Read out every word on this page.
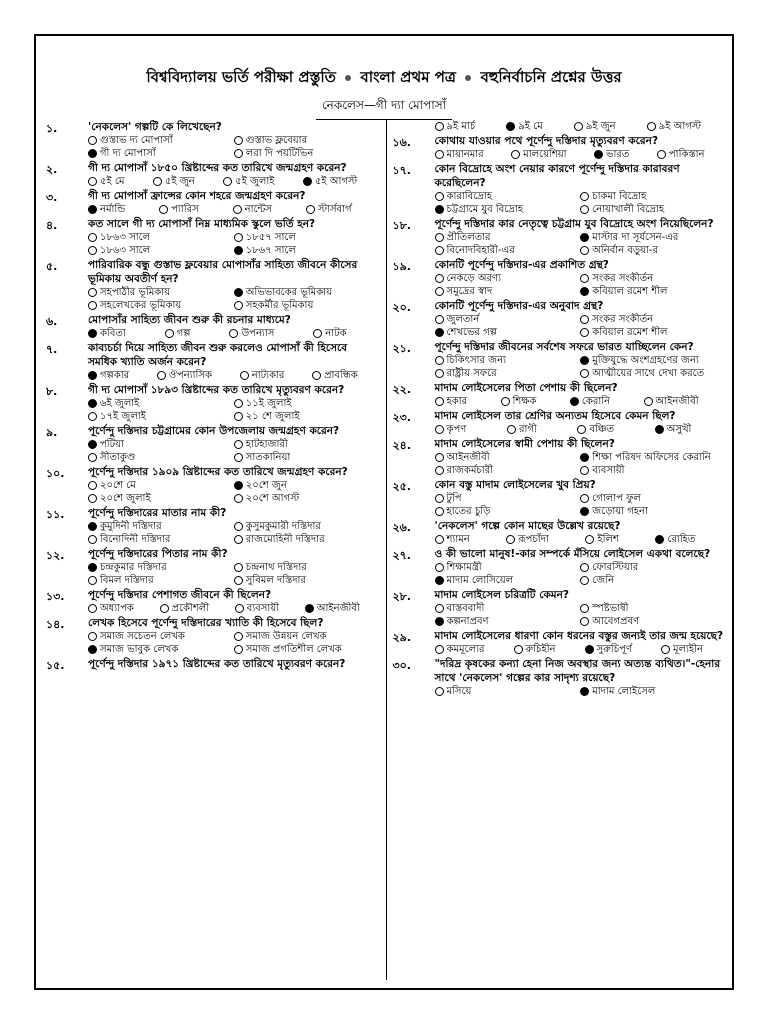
বিশ্ববিদ্যালয় ভর্তি পরীক্ষা প্রস্তুতি বাংলা প্রথম পত্র বহুনির্বাচনি প্রশ্নের উত্তর
নেকলেস—গী দ্যা মোপাসাঁ
১.	'নেকলেস' গল্পটি কে লিখেছেন?
গুস্তাভ দ্য মোপাসাঁ	গুস্তাভ ফ্লবেয়ার
গী দ্য মোপাসাঁ	লরা দি পয়টিভিন
২.	গী দ্য মোপাসাঁ ১৮৫০ খ্রিষ্টাব্দের কত তারিখে জন্মগ্রহণ করেন?
৫ই মে	৫ই জুন	৫ই জুলাই	৫ই আগস্ট
৩.	গী দ্য মোপাসাঁ ফ্রান্সের কোন শহরে জন্মগ্রহণ করেন?
নর্মান্ডি	প্যারিস	নান্টেস	স্টার্সবার্গ
৪.	কত সালে গী দ্য মোপাসাঁ নিম্ন মাধ্যমিক স্কুলে ভর্তি হন?
১৮৬৩ সালে	১৮৫৭ সালে
১৮৬৩ সালে	১৮৬৭ সালে
৫.	পারিবারিক বন্ধু গুস্তাভ ফ্লবেয়ার মোপাসাঁর সাহিত্য জীবনে কীসের ভূমিকায় অবতীর্ণ হন?
সহপাঠীর ভূমিকায়	অভিভাবকের ভূমিকায়
সহলেখকের ভূমিকায়	সহকর্মীর ভূমিকায়
৬.	মোপাসাঁর সাহিত্য জীবন শুরু কী রচনার মাধ্যমে?
কবিতা	গল্প	উপন্যাস	নাটক
৭.	কাব্যচর্চা দিয়ে সাহিত্য জীবন শুরু করলেও মোপাসাঁ কী হিসেবে সমধিক খ্যাতি অর্জন করেন?
গল্পকার	ঔপন্যাসিক	নাট্যকার	প্রাবন্ধিক
৮.	গী দ্য মোপাসাঁ ১৮৯৩ খ্রিষ্টাব্দের কত তারিখে মৃত্যুবরণ করেন?
৬ই জুলাই	১১ই জুলাই
১৭ই জুলাই	২১ শে জুলাই
৯.	পূর্ণেন্দু দস্তিদার চট্টগ্রামের কোন উপজেলায় জন্মগ্রহণ করেন?
পটিয়া	হাটহাজারী
সীতাকুণ্ড	সাতকানিয়া
১০.	পূর্ণেন্দু দস্তিদার ১৯০৯ খ্রিষ্টাব্দের কত তারিখে জন্মগ্রহণ করেন?
২০শে মে	২০শে জুন
২০শে জুলাই	২০শে আগস্ট
১১.	পূর্ণেন্দু দস্তিদারের মাতার নাম কী?
কুমুদিনী দস্তিদার	কুসুমকুমারী দস্তিদার
বিনোদিনী দস্তিদার	রাজমোহিনী দস্তিদার
১২.	পূর্ণেন্দু দস্তিদারের পিতার নাম কী?
চন্দ্রকুমার দস্তিদার	চন্দ্রনাথ দস্তিদার
বিমল দস্তিদার	সুবিমল দস্তিদার
১৩.	পূর্ণেন্দু দস্তিদার পেশাগত জীবনে কী ছিলেন?
অধ্যাপক	প্রকৌশলী	ব্যবসায়ী	আইনজীবী
১৪.	লেখক হিসেবে পূর্ণেন্দু দস্তিদারের খ্যাতি কী হিসেবে ছিল?
সমাজ সচেতন লেখক	সমাজ উন্নয়ন লেখক
সমাজ ভাবুক লেখক	সমাজ প্রগতিশীল লেখক
১৫.	পূর্ণেন্দু দস্তিদার ১৯৭১ খ্রিষ্টাব্দের কত তারিখে মৃত্যুবরণ করেন?
৯ই মার্চ	৯ই মে	৯ই জুন	৯ই আগস্ট
১৬.	কোথায় যাওয়ার পথে পূর্ণেন্দু দস্তিদার মৃত্যুবরণ করেন?
মায়ানমার	মালয়েশিয়া	ভারত	পাকিস্তান
১৭.	কোন বিদ্রোহে অংশ নেয়ার কারণে পূর্ণেন্দু দস্তিদার কারাবরণ করেছিলেন?
কারাবিদ্রোহ	চাকমা বিদ্রোহ
চট্টগ্রামে যুব বিদ্রোহ	নোয়াখালী বিদ্রোহ
১৮.	পূর্ণেন্দু দস্তিদার কার নেতৃত্বে চট্টগ্রাম যুব বিদ্রোহে অংশ নিয়েছিলেন?
প্রীতিলতার	মাস্টার দা সূর্যসেন-এর
বিনোদবিহারী-এর	অনির্বান বড়ুয়া-র
১৯.	কোনটি পূর্ণেন্দু দস্তিদার-এর প্রকাশিত গ্রন্থ?
নেকড়ে অরণ্য	সংকর সংকীর্তন
সমুদ্রের স্বাদ	কবিয়াল রমেশ শীল
২০.	কোনটি পূর্ণেন্দু দস্তিদার-এর অনুবাদ গ্রন্থ?
জুলতার্ন	সংকর সংকীর্তন
শেখভের গল্প	কবিয়াল রমেশ শীল
২১.	পূর্ণেন্দু দস্তিদার জীবনের সর্বশেষ সফরে ভারত যাচ্ছিলেন কেন?
চিকিৎসার জন্য	মুক্তিযুদ্ধে অংশগ্রহণের জন্য
রাষ্ট্রীয় সফরে	আত্মীয়ের সাথে দেখা করতে
২২.	মাদাম লোইসেলের পিতা পেশায় কী ছিলেন?
হকার	শিক্ষক	কেরানি	আইনজীবী
২৩.	মাদাম লোইসেল তার শ্রেণির অন্যতম হিসেবে কেমন ছিল?
কৃপণ	রাগী	বঞ্চিত	অসুখী
২৪.	মাদাম লোইসেলের স্বামী পেশায় কী ছিলেন?
আইনজীবী	শিক্ষা পরিষদ অফিসের কেরানি
রাজকর্মচারী	ব্যবসায়ী
২৫.	কোন বস্তু মাদাম লোইসেলের খুব প্রিয়?
টুপি	গোলাপ ফুল
হাতের চুড়ি	জড়োয়া গহনা
২৬.	'নেকলেস' গল্পে কোন মাছের উল্লেখ রয়েছে?
শ্যামন	রূপচাঁদা	ইলিশ	রোহিত
২৭.	ও কী ভালো মানুষ!-কার সম্পর্কে মঁসিয়ে লোইসেল একথা বলেছে?
শিক্ষামন্ত্রী	ফোরস্টিয়ার
মাদাম লোসিয়েল	জেনি
২৮.	মাদাম লোইসেল চরিত্রটি কেমন?
বাস্তববাদী	স্পষ্টভাষী
কল্পনাপ্রবণ	আবেগপ্রবণ
২৯.	মাদাম লোইসেলের ধারণা কোন ধরনের বস্তুর জন্যই তার জন্ম হয়েছে?
কমমূল্যের	রুচিহীন	সুরুচিপূর্ণ	মূল্যহীন
৩০.	"দরিদ্র কৃষকের কন্যা হেনা নিজ অবস্থার জন্য অত্যন্ত ব্যথিত।"-হেনার সাথে 'নেকলেস' গল্পের কার সাদৃশ্য রয়েছে?
মসিয়ে	মাদাম লোইসেল
